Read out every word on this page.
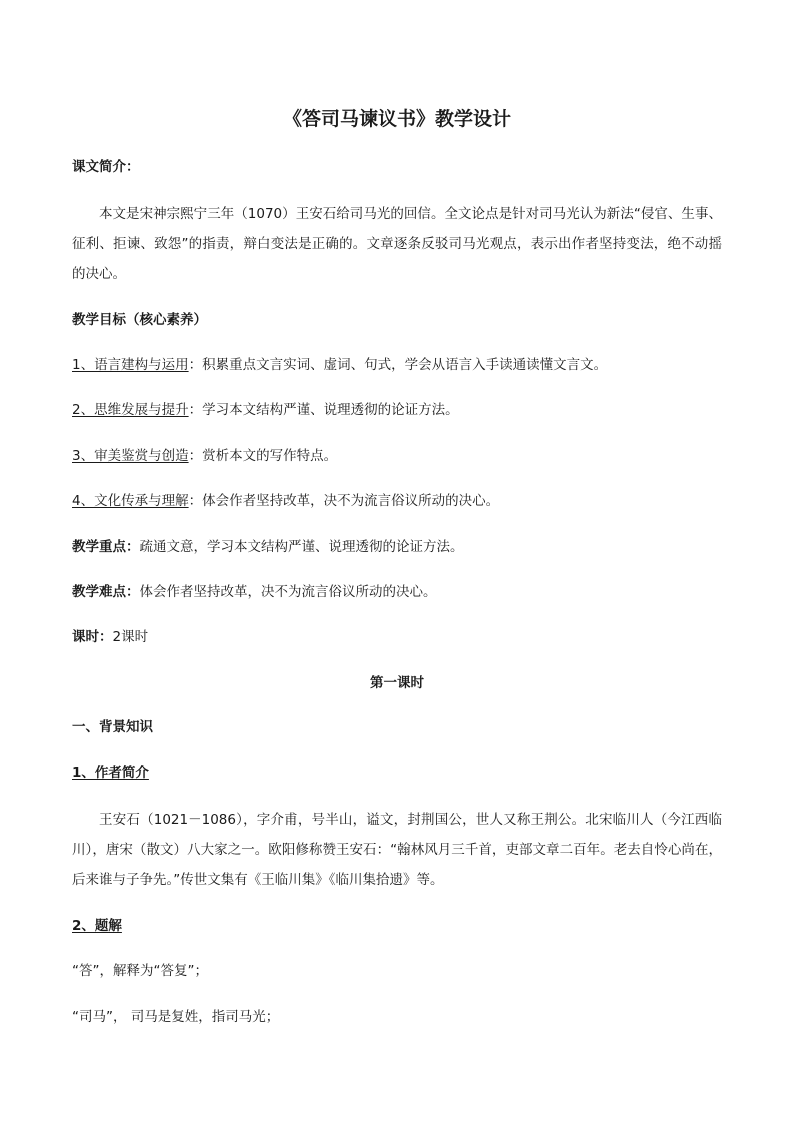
《答司马谏议书》教学设计
课文简介：
本文是宋神宗熙宁三年（1070）王安石给司马光的回信。全文论点是针对司马光认为新法“侵官、生事、征利、拒谏、致怨”的指责，辩白变法是正确的。文章逐条反驳司马光观点，表示出作者坚持变法，绝不动摇的决心。
教学目标（核心素养）
1、语言建构与运用：积累重点文言实词、虚词、句式，学会从语言入手读通读懂文言文。
2、思维发展与提升：学习本文结构严谨、说理透彻的论证方法。
3、审美鉴赏与创造：赏析本文的写作特点。
4、文化传承与理解：体会作者坚持改革，决不为流言俗议所动的决心。
教学重点：疏通文意，学习本文结构严谨、说理透彻的论证方法。
教学难点：体会作者坚持改革，决不为流言俗议所动的决心。
课时：2课时
第一课时
一、背景知识
1、作者简介
王安石（1021－1086），字介甫，号半山，谥文，封荆国公，世人又称王荆公。北宋临川人（今江西临川），唐宋（散文）八大家之一。欧阳修称赞王安石：“翰林风月三千首，吏部文章二百年。老去自怜心尚在，后来谁与子争先。”传世文集有《王临川集》《临川集拾遗》等。
2、题解
“答”，解释为“答复”；
“司马”， 司马是复姓，指司马光；
